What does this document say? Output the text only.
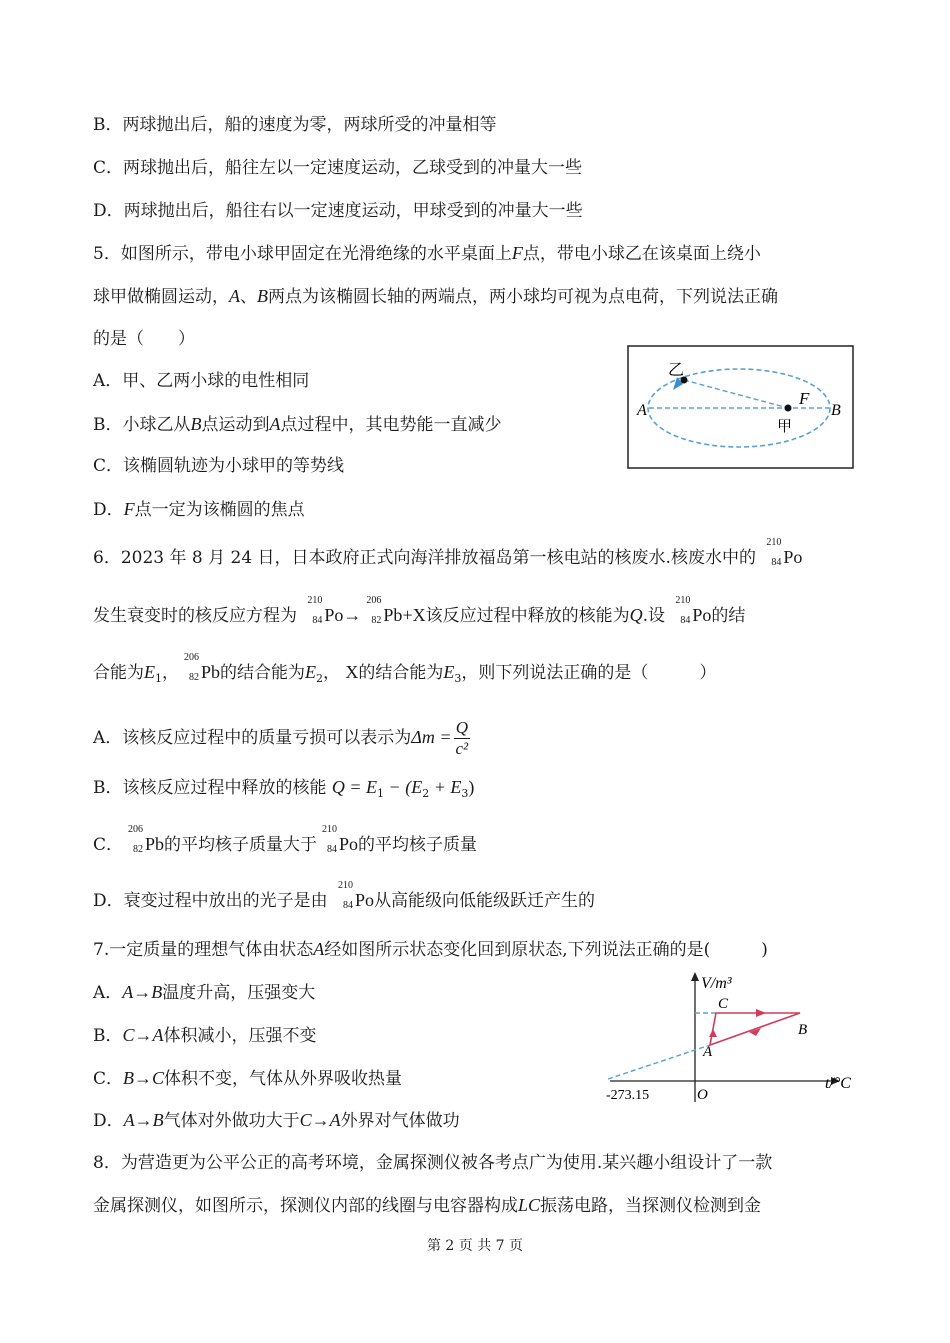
B．两球抛出后，船的速度为零，两球所受的冲量相等
C．两球抛出后，船往左以一定速度运动，乙球受到的冲量大一些
D．两球抛出后，船往右以一定速度运动，甲球受到的冲量大一些
5．如图所示，带电小球甲固定在光滑绝缘的水平桌面上F点，带电小球乙在该桌面上绕小
球甲做椭圆运动，A、B两点为该椭圆长轴的两端点，两小球均可视为点电荷，下列说法正确
的是（　　）
A．甲、乙两小球的电性相同
B．小球乙从B点运动到A点过程中，其电势能一直减少
C．该椭圆轨迹为小球甲的等势线
D．F点一定为该椭圆的焦点
乙
A
F
B
甲
6．2023 年 8 月 24 日，日本政府正式向海洋排放福岛第一核电站的核废水.核废水中的
210
84 Po
发生衰变时的核反应方程为
210
84 Po→
206
82 Pb+X该反应过程中释放的核能为Q.设
210
84 Po的结
合能为$E_1$，
206
82 Pb的结合能为$E_2$， X的结合能为$E_3$，则下列说法正确的是（　　　）
A．该核反应过程中的质量亏损可以表示为$\Delta m = \frac{Q}{\text{c²}}$
B．该核反应过程中释放的核能 $Q = E_1 - (E_2 + E_3)$
C．
206
82 Pb的平均核子质量大于
210
84 Po的平均核子质量
D．衰变过程中放出的光子是由
210
84 Po从高能级向低能级跃迁产生的
7.一定质量的理想气体由状态A经如图所示状态变化回到原状态,下列说法正确的是(　　　)
A．A→B温度升高，压强变大
B．C→A体积减小，压强不变
C．B→C体积不变，气体从外界吸收热量
D．A→B气体对外做功大于C→A外界对气体做功
V/m³
t/°C
O
-273.15
A
B
C
8．为营造更为公平公正的高考环境，金属探测仪被各考点广为使用.某兴趣小组设计了一款
金属探测仪，如图所示，探测仪内部的线圈与电容器构成LC振荡电路，当探测仪检测到金
第 2 页 共 7 页
